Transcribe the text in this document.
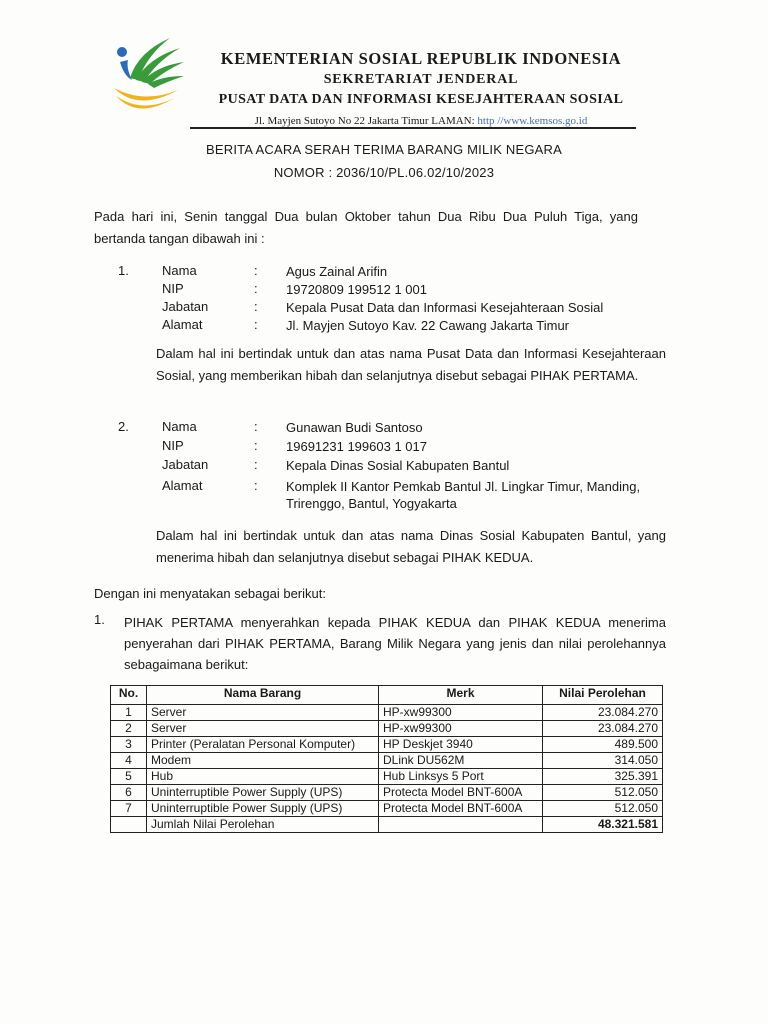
KEMENTERIAN SOSIAL REPUBLIK INDONESIA
SEKRETARIAT JENDERAL
PUSAT DATA DAN INFORMASI KESEJAHTERAAN SOSIAL
Jl. Mayjen Sutoyo No 22 Jakarta Timur LAMAN: http //www.kemsos.go.id
BERITA ACARA SERAH TERIMA BARANG MILIK NEGARA
NOMOR : 2036/10/PL.06.02/10/2023
Pada hari ini, Senin tanggal Dua bulan Oktober tahun Dua Ribu Dua Puluh Tiga, yang bertanda tangan dibawah ini :
1.	Nama	: Agus Zainal Arifin
NIP	: 19720809 199512 1 001
Jabatan	: Kepala Pusat Data dan Informasi Kesejahteraan Sosial
Alamat	: Jl. Mayjen Sutoyo Kav. 22 Cawang Jakarta Timur
Dalam hal ini bertindak untuk dan atas nama Pusat Data dan Informasi Kesejahteraan Sosial, yang memberikan hibah dan selanjutnya disebut sebagai PIHAK PERTAMA.
2.	Nama	: Gunawan Budi Santoso
NIP	: 19691231 199603 1 017
Jabatan	: Kepala Dinas Sosial Kabupaten Bantul
Alamat	: Komplek II Kantor Pemkab Bantul Jl. Lingkar Timur, Manding, Trirenggo, Bantul, Yogyakarta
Dalam hal ini bertindak untuk dan atas nama Dinas Sosial Kabupaten Bantul, yang menerima hibah dan selanjutnya disebut sebagai PIHAK KEDUA.
Dengan ini menyatakan sebagai berikut:
1. PIHAK PERTAMA menyerahkan kepada PIHAK KEDUA dan PIHAK KEDUA menerima penyerahan dari PIHAK PERTAMA, Barang Milik Negara yang jenis dan nilai perolehannya sebagaimana berikut:
No.	Nama Barang	Merk	Nilai Perolehan
1	Server	HP-xw99300	23.084.270
2	Server	HP-xw99300	23.084.270
3	Printer (Peralatan Personal Komputer)	HP Deskjet 3940	489.500
4	Modem	DLink DU562M	314.050
5	Hub	Hub Linksys 5 Port	325.391
6	Uninterruptible Power Supply (UPS)	Protecta Model BNT-600A	512.050
7	Uninterruptible Power Supply (UPS)	Protecta Model BNT-600A	512.050
	Jumlah Nilai Perolehan		48.321.581
